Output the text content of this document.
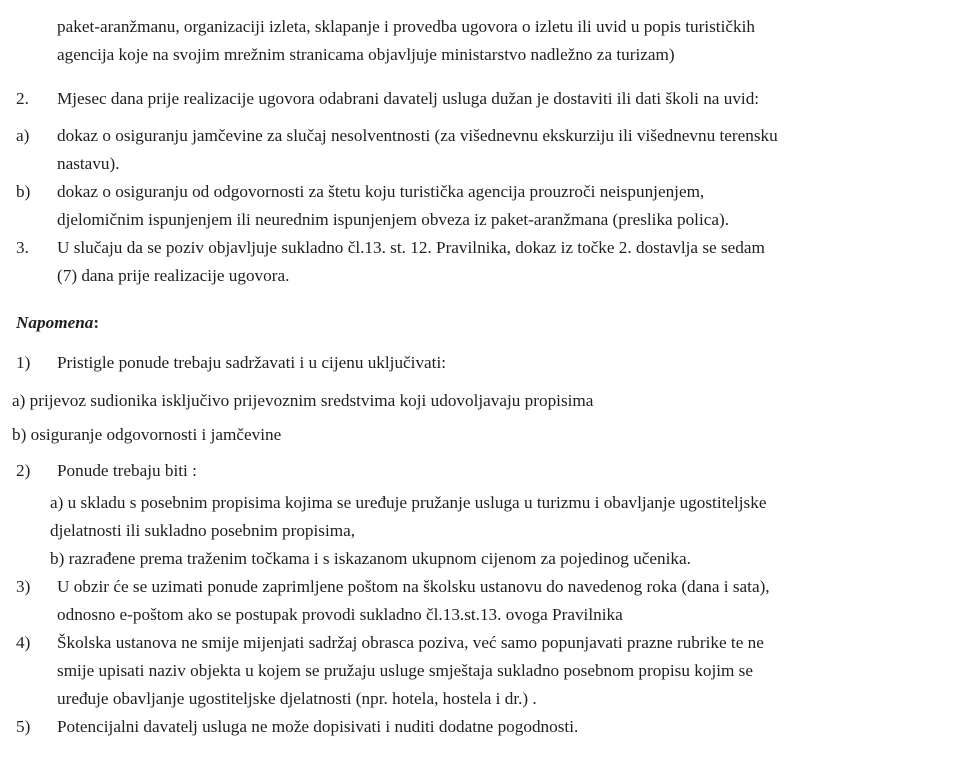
paket-aranžmanu, organizaciji izleta, sklapanje i provedba ugovora o izletu ili uvid u popis turističkih
agencija koje na svojim mrežnim stranicama objavljuje ministarstvo nadležno za turizam)
2.	Mjesec dana prije realizacije ugovora odabrani davatelj usluga dužan je dostaviti ili dati školi na uvid:
a)	dokaz o osiguranju jamčevine za slučaj nesolventnosti (za višednevnu ekskurziju ili višednevnu terensku
nastavu).
b)	dokaz o osiguranju od odgovornosti za štetu koju turistička agencija prouzroči neispunjenjem,
djelomičnim ispunjenjem ili neurednim ispunjenjem obveza iz paket-aranžmana (preslika polica).
3.	U slučaju da se poziv objavljuje sukladno čl.13. st. 12. Pravilnika, dokaz iz točke 2. dostavlja se sedam
(7) dana prije realizacije ugovora.
Napomena:
1)	Pristigle ponude trebaju sadržavati i u cijenu uključivati:
a) prijevoz sudionika isključivo prijevoznim sredstvima koji udovoljavaju propisima
b) osiguranje odgovornosti i jamčevine
2)	Ponude trebaju biti :
a) u skladu s posebnim propisima kojima se uređuje pružanje usluga u turizmu i obavljanje ugostiteljske
djelatnosti ili sukladno posebnim propisima,
b) razrađene prema traženim točkama i s iskazanom ukupnom cijenom za pojedinog učenika.
3)	U obzir će se uzimati ponude zaprimljene poštom na školsku ustanovu do navedenog roka (dana i sata),
odnosno e-poštom ako se postupak provodi sukladno čl.13.st.13. ovoga Pravilnika
4)	Školska ustanova ne smije mijenjati sadržaj obrasca poziva, već samo popunjavati prazne rubrike te ne
smije upisati naziv objekta u kojem se pružaju usluge smještaja sukladno posebnom propisu kojim se
uređuje obavljanje ugostiteljske djelatnosti (npr. hotela, hostela i dr.) .
5)	Potencijalni davatelj usluga ne može dopisivati i nuditi dodatne pogodnosti.
